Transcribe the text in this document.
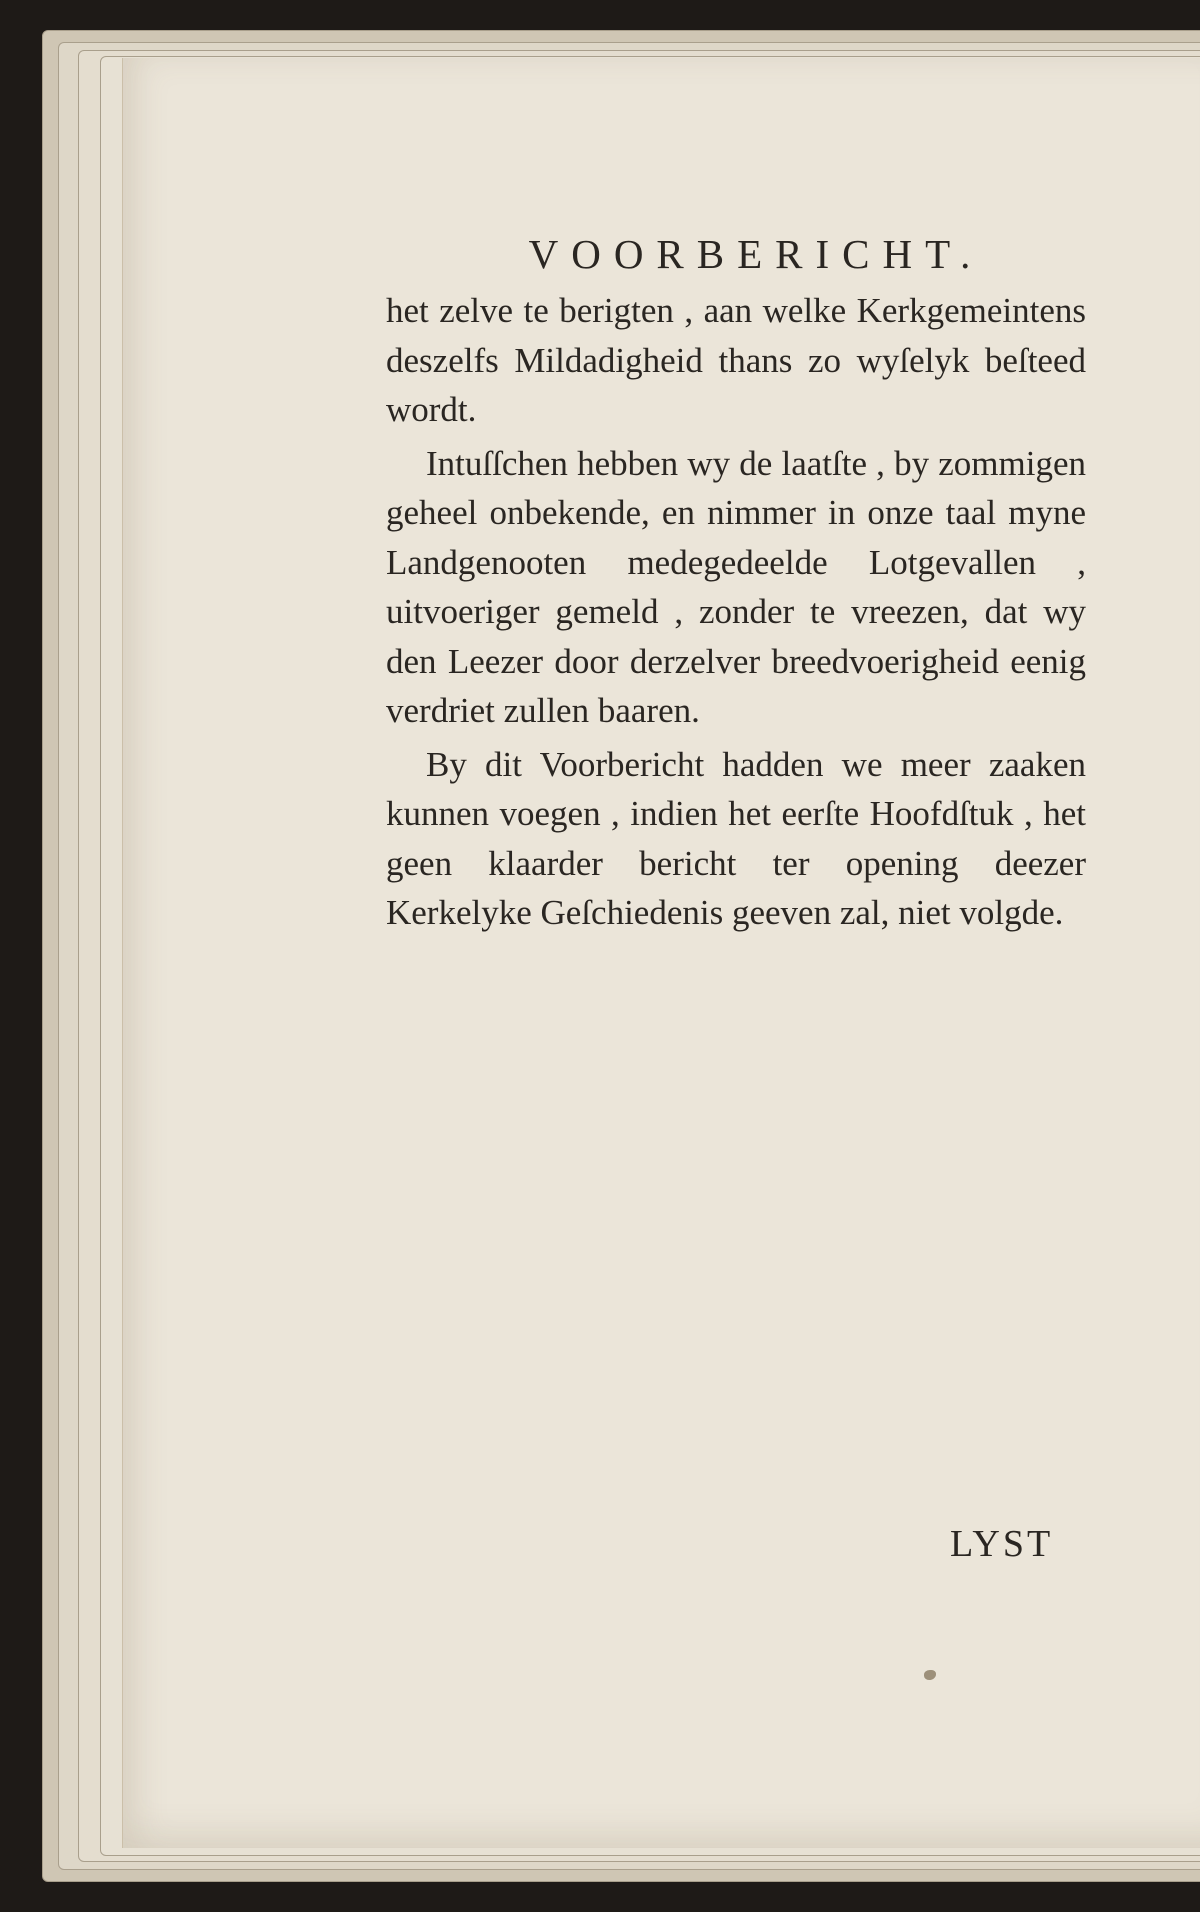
VOORBERICHT.

het zelve te berigten , aan welke Kerkgemeintens deszelfs Mildadigheid thans zo wyſelyk beſteed wordt.

Intuſſchen hebben wy de laatſte , by zommigen geheel onbekende, en nimmer in onze taal myne Landgenooten medegedeelde Lotgevallen , uitvoeriger gemeld , zonder te vreezen, dat wy den Leezer door derzelver breedvoerigheid eenig verdriet zullen baaren.

By dit Voorbericht hadden we meer zaaken kunnen voegen , indien het eerſte Hoofdſtuk , het geen klaarder bericht ter opening deezer Kerkelyke Geſchiedenis geeven zal, niet volgde.

LYST
